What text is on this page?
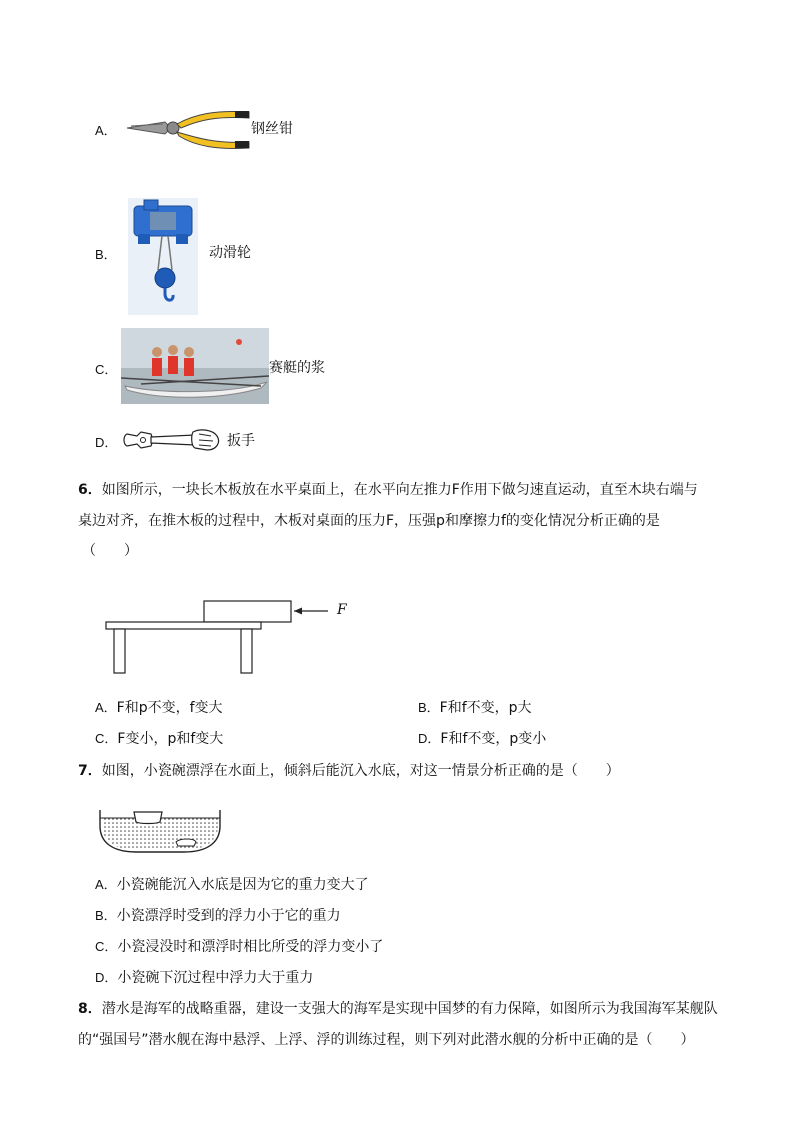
A．	钢丝钳
B．	动滑轮
C．	赛艇的浆
D．	扳手
6．如图所示，一块长木板放在水平桌面上，在水平向左推力F作用下做匀速直运动，直至木块右端与
桌边对齐，在推木板的过程中，木板对桌面的压力F，压强p和摩擦力f的变化情况分析正确的是
（　　）
F
A．F和p不变，f变大	B．F和f不变，p大
C．F变小，p和f变大	D．F和f不变，p变小
7．如图，小瓷碗漂浮在水面上，倾斜后能沉入水底，对这一情景分析正确的是（　　）
A．小瓷碗能沉入水底是因为它的重力变大了
B．小瓷漂浮时受到的浮力小于它的重力
C．小瓷浸没时和漂浮时相比所受的浮力变小了
D．小瓷碗下沉过程中浮力大于重力
8．潜水是海军的战略重器，建设一支强大的海军是实现中国梦的有力保障，如图所示为我国海军某舰队
的“强国号”潜水舰在海中悬浮、上浮、浮的训练过程，则下列对此潜水舰的分析中正确的是（　　）
